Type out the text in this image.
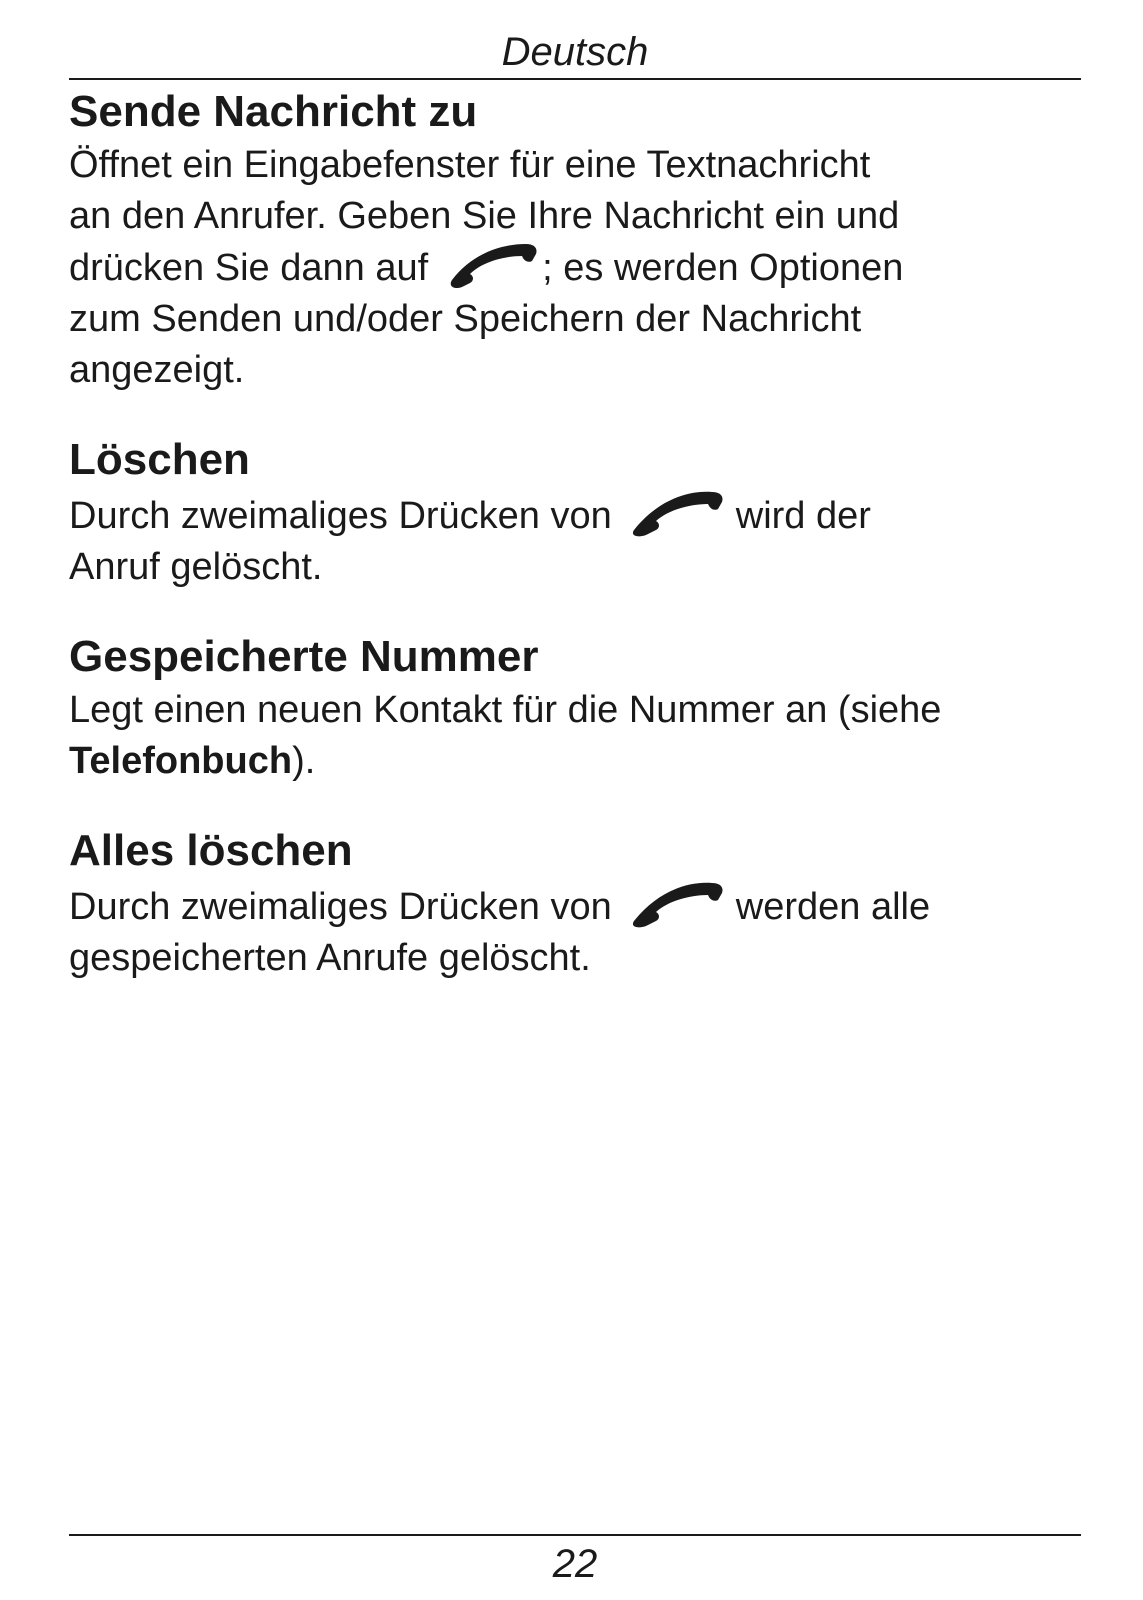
Deutsch
Sende Nachricht zu

Öffnet ein Eingabefenster für eine Textnachricht

an den Anrufer. Geben Sie Ihre Nachricht ein und

drücken Sie dann auf	; es werden Optionen

zum Senden und/oder Speichern der Nachricht

angezeigt.

Löschen

Durch zweimaliges Drücken von	wird der

Anruf gelöscht.

Gespeicherte Nummer

Legt einen neuen Kontakt für die Nummer an (siehe

Telefonbuch).

Alles löschen

Durch zweimaliges Drücken von	werden alle

gespeicherten Anrufe gelöscht.

22
